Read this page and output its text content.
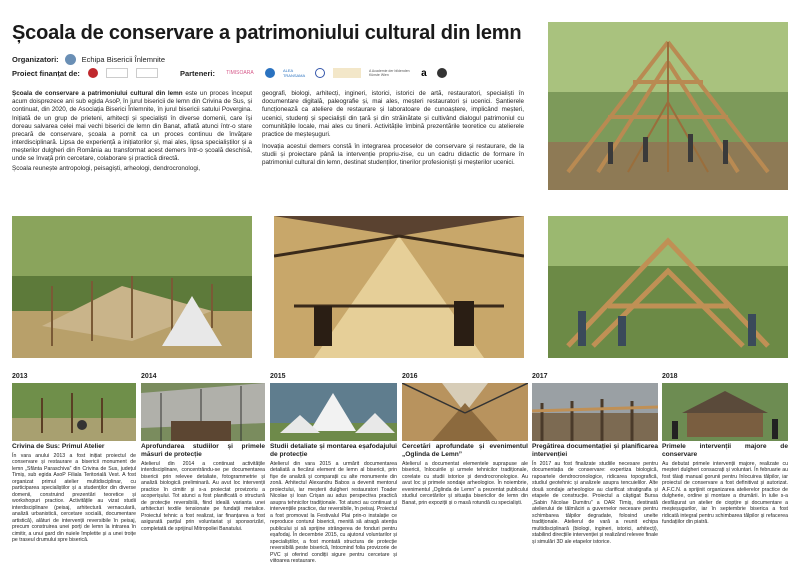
Școala de conservare a patrimoniului cultural din lemn
Organizatori:	Echipa Bisericii Înlemnite
Proiect finanțat de:	Parteneri:	TIMISOARA	ALEA TRANSAMA
A Academie der bildenden Künste Wien	a

Școala de conservare a patrimoniului cultural din lemn este un proces început acum doisprezece ani sub egida AsoP, în jurul bisericii de lemn din Crivina de Sus, și continuat, din 2020, de Asociația Biserici Înlemnite, în jurul bisericii satului Povergina. Inițiată de un grup de prieteni, arhitecți și specialiști în diverse domenii, care își doreau salvarea celei mai vechi biserici de lemn din Banat, aflată atunci într-o stare precară de conservare, școala a pornit ca un proces continuu de învățare interdisciplinară. Lipsa de experiență a inițiatorilor și, mai ales, lipsa specialiștilor și a meșterilor dulgheri din România au transformat acest demers într-o școală deschisă, unde se învață prin cercetare, colaborare și practică directă.

Școala reunește antropologi, peisagiști, arheologi, dendrocronologi,

geografi, biologi, arhitecți, ingineri, istorici, istorici de artă, restauratori, specialiști în documentare digitală, paleografie și, mai ales, meșteri restauratori și ucenici. Șantierele funcționează ca ateliere de restaurare și laboratoare de cunoaștere, implicând meșteri, ucenici, studenți și specialiști din țară și din străinătate și cultivând dialogul patrimoniul cu comunitățile locale, mai ales cu tinerii. Activitățile îmbină prezentările teoretice cu atelierele practice de meșteșuguri.

Inovația acestui demers constă în integrarea proceselor de conservare și restaurare, de la studii și proiectare până la intervenție propriu-zise, cu un cadru didactic de formare în patrimoniul cultural din lemn, destinat studenților, tinerilor profesioniști și meșterilor ucenici.

2013	2014	2015	2016	2017	2018
Crivina de Sus: Primul Atelier
În vara anului 2013 a fost inițiat proiectul de conservare și restaurare a bisericii monument de lemn „Sfânta Paraschiva” din Crivina de Sus, județul Timiș, sub egida AsoP Filiala Teritorială Vest. A fost organizat primul atelier multidisciplinar, cu participarea specialiștilor și a studenților din diverse domenii, construind prezentări teoretice și workshopuri practice. Activitățile au vizat studii interdisciplinare (peisaj, arhitectură vernaculară, analiză urbanistică, cercetare socială, documentare artistică), alături de intervenții reversibile în peisaj, precum construirea unei porți de lemn la intrarea în cimitir, a unui gard din nuiele împletite și a unei troițe pe traseul drumului spre biserică.
Aprofundarea studiilor și primele măsuri de protecție
Atelierul din 2014 a continuat activitățile interdisciplinare, concentrându-se pe documentarea bisericii prin relevee detaliate, fotogrammetrie și analiză biologică preliminară. Au avut loc intervenții practice în cimitir și s-a proiectat provizoriu a acoperișului. Tot atunci a fost planificată o structură de protecție reversibilă, fiind ideală varianta unei arhitecturi textile tensionate pe fundații metalice. Proiectul tehnic a fost realizat, iar finanțarea a fost asigurată parțial prin voluntariat și sponsorizări, completată de sprijinul Mitropoliei Banatului.
Studii detaliate și montarea eșafodajului de protecție
Atelierul din vara 2015 a urmărit documentarea detaliată a fiecărui element de lemn al bisericii, prin fișe de analiză și comparații cu alte monumente din zonă. Arhitectul Alexandru Babos a devenit mentorul proiectului, iar meșterii dulgheri restauratori Toader Nicolae și Ioan Crișan au adus perspectiva practică asupra tehnicilor tradiționale. Tot atunci au continuat și intervențiile practice, dar reversibile, în peisaj. Proiectul a fost promovat la Festivalul Plai prin-o instalație ce reproduce conturul bisericii, menită să atragă atenția publicului și să sprijine strângerea de fonduri pentru eșafodaj. În decembrie 2015, cu ajutorul voluntarilor și specialiștilor, a fost montată structura de protecție reversibilă peste biserică, întocmind folia provizorie de PVC și oferind condiții sigure pentru cercetare și viitoarea restaurare.
Cercetări aprofundate și evenimentul „Oglinda de Lemn”
Atelierul a documentat elementele suprapuse ale bisericii, înlocuirile și urmele tehnicilor tradiționale, corelate cu studii istorice și dendrocronologice. Au avut loc și primele sondaje arheologice. În noiembrie, evenimentul „Oglinda de Lemn” a prezentat publicului studiul cercetărilor și situația bisericilor de lemn din Banat, prin expoziții și o masă rotundă cu specialiști.
Pregătirea documentației și planificarea intervenției
În 2017 au fost finalizate studiile necesare pentru documentația de conservare: expertiza biologică, rapoartele dendrocronologice, ridicarea topografică, studiul geotehnic și analizele asupra tencuielilor. Alte două sondaje arheologice au clarificat stratigrafia și etapele de construcție. Proiectul a câștigat Bursa „Sabin Nicolae Dumitru” a OAR Timiș, destinată atelierului de tâlmăciri a guvernelor necesare pentru schimbarea tâlpilor degradate, folosind unelte tradiționale. Atelierul de vară a reunit echipa multidisciplinară (biologi, ingineri, istorici, arhitecți), stabilind direcțiile intervenției și realizând relevee finale și simulări 3D ale etapelor istorice.
Primele intervenții majore de conservare
Au debutat primele intervenții majore, realizate cu meșteri dulgheri consacrați și voluntari. În februarie au fost tăiați manual gorunii pentru înlocuirea tălpilor, iar proiectul de conservare a fost definitivat și autorizat. A.F.C.N. a sprijinit organizarea atelierelor practice de dulgherie, ordine și montare a drumării. În iulie s-a desfășurat un atelier de ciopțire și documentare a meșteșugurilor, iar în septembrie biserica a fost ridicată integral pentru schimbarea tălpilor și refacerea fundațiilor din piatră.
